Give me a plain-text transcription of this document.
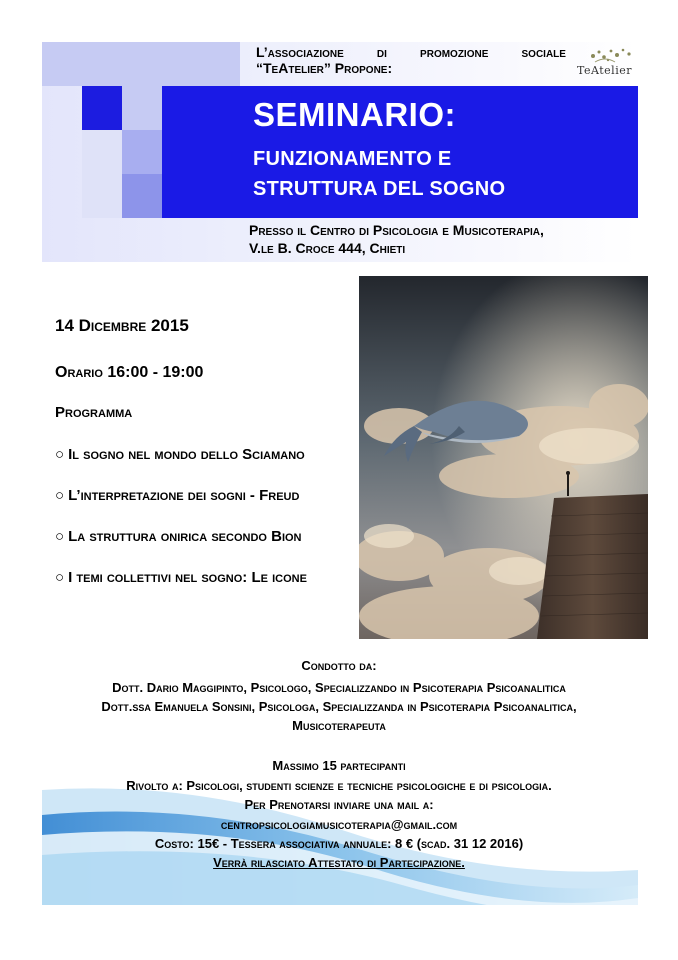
SEMINARIO:
FUNZIONAMENTO E
STRUTTURA DEL SOGNO
L’associazione di promozione sociale
“TeAtelier” Propone:	TeAtelier
Presso il Centro di Psicologia e Musicoterapia,
V.le B. Croce 444, Chieti
14 Dicembre 2015
Orario 16:00 - 19:00
Programma
○ Il sogno nel mondo dello Sciamano
○ L’interpretazione dei sogni - Freud
○ La struttura onirica secondo Bion
○ I temi collettivi nel sogno: Le icone
Condotto da:
Dott. Dario Maggipinto, Psicologo, Specializzando in Psicoterapia Psicoanalitica
Dott.ssa Emanuela Sonsini, Psicologa, Specializzanda in Psicoterapia Psicoanalitica,
Musicoterapeuta
Massimo 15 partecipanti
Rivolto a: Psicologi, studenti scienze e tecniche psicologiche e di psicologia.
Per Prenotarsi inviare una mail a:
centropsicologiamusicoterapia@gmail.com
Costo: 15€ - Tessera associativa annuale: 8 € (scad. 31 12 2016)
Verrà rilasciato Attestato di Partecipazione.
